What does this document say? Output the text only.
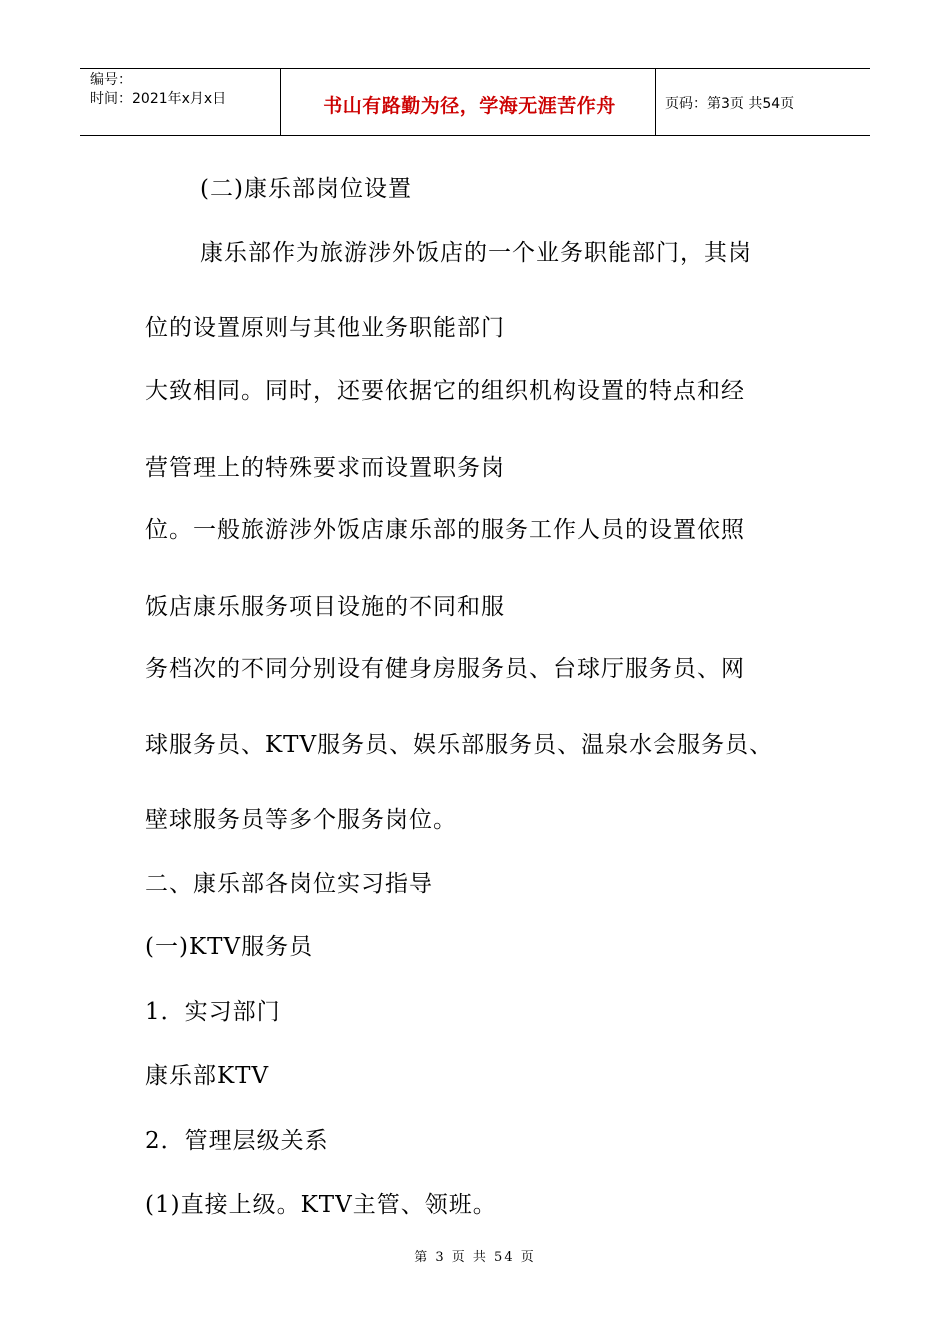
编号：
时间：2021年x月x日	书山有路勤为径，学海无涯苦作舟	页码：第3页 共54页
(二)康乐部岗位设置
康乐部作为旅游涉外饭店的一个业务职能部门，其岗
位的设置原则与其他业务职能部门
大致相同。同时，还要依据它的组织机构设置的特点和经
营管理上的特殊要求而设置职务岗
位。一般旅游涉外饭店康乐部的服务工作人员的设置依照
饭店康乐服务项目设施的不同和服
务档次的不同分别设有健身房服务员、台球厅服务员、网
球服务员、KTV服务员、娱乐部服务员、温泉水会服务员、
壁球服务员等多个服务岗位。
二、康乐部各岗位实习指导
(一)KTV服务员
1．实习部门
康乐部KTV
2．管理层级关系
(1)直接上级。KTV主管、领班。
第 3 页 共 54 页
